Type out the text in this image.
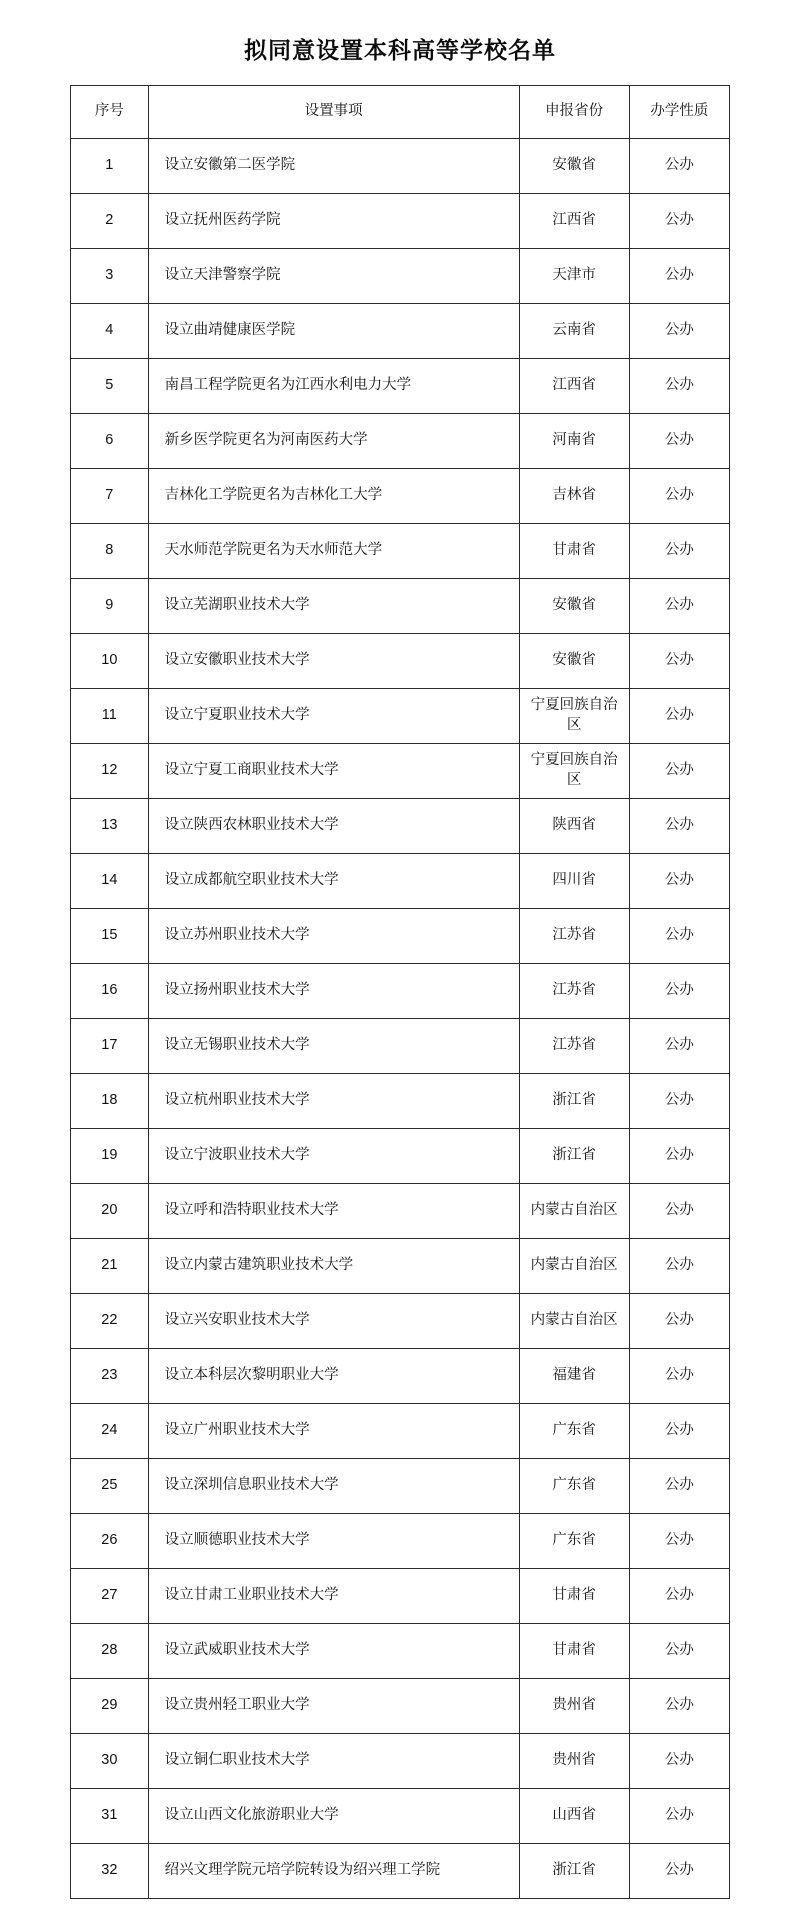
拟同意设置本科高等学校名单
序号	设置事项	申报省份	办学性质
1	设立安徽第二医学院	安徽省	公办
2	设立抚州医药学院	江西省	公办
3	设立天津警察学院	天津市	公办
4	设立曲靖健康医学院	云南省	公办
5	南昌工程学院更名为江西水利电力大学	江西省	公办
6	新乡医学院更名为河南医药大学	河南省	公办
7	吉林化工学院更名为吉林化工大学	吉林省	公办
8	天水师范学院更名为天水师范大学	甘肃省	公办
9	设立芜湖职业技术大学	安徽省	公办
10	设立安徽职业技术大学	安徽省	公办
11	设立宁夏职业技术大学	宁夏回族自治区	公办
12	设立宁夏工商职业技术大学	宁夏回族自治区	公办
13	设立陕西农林职业技术大学	陕西省	公办
14	设立成都航空职业技术大学	四川省	公办
15	设立苏州职业技术大学	江苏省	公办
16	设立扬州职业技术大学	江苏省	公办
17	设立无锡职业技术大学	江苏省	公办
18	设立杭州职业技术大学	浙江省	公办
19	设立宁波职业技术大学	浙江省	公办
20	设立呼和浩特职业技术大学	内蒙古自治区	公办
21	设立内蒙古建筑职业技术大学	内蒙古自治区	公办
22	设立兴安职业技术大学	内蒙古自治区	公办
23	设立本科层次黎明职业大学	福建省	公办
24	设立广州职业技术大学	广东省	公办
25	设立深圳信息职业技术大学	广东省	公办
26	设立顺德职业技术大学	广东省	公办
27	设立甘肃工业职业技术大学	甘肃省	公办
28	设立武威职业技术大学	甘肃省	公办
29	设立贵州轻工职业大学	贵州省	公办
30	设立铜仁职业技术大学	贵州省	公办
31	设立山西文化旅游职业大学	山西省	公办
32	绍兴文理学院元培学院转设为绍兴理工学院	浙江省	公办
